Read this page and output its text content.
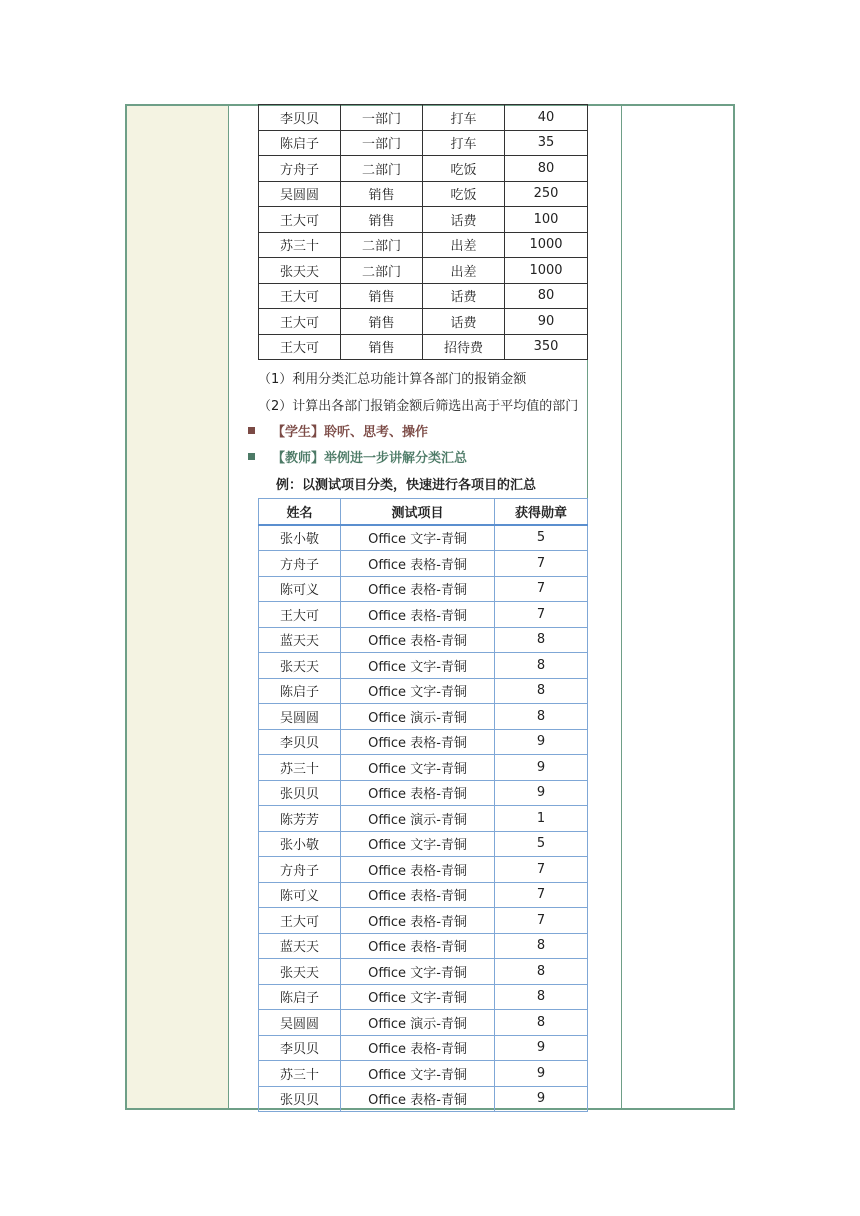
李贝贝	一部门	打车	40
陈启子	一部门	打车	35
方舟子	二部门	吃饭	80
吴圆圆	销售	吃饭	250
王大可	销售	话费	100
苏三十	二部门	出差	1000
张天天	二部门	出差	1000
王大可	销售	话费	80
王大可	销售	话费	90
王大可	销售	招待费	350
（1）利用分类汇总功能计算各部门的报销金额
（2）计算出各部门报销金额后筛选出高于平均值的部门
【学生】聆听、思考、操作
【教师】举例进一步讲解分类汇总
例：以测试项目分类，快速进行各项目的汇总
姓名	测试项目	获得勋章
张小敬	Office 文字-青铜	5
方舟子	Office 表格-青铜	7
陈可义	Office 表格-青铜	7
王大可	Office 表格-青铜	7
蓝天天	Office 表格-青铜	8
张天天	Office 文字-青铜	8
陈启子	Office 文字-青铜	8
吴圆圆	Office 演示-青铜	8
李贝贝	Office 表格-青铜	9
苏三十	Office 文字-青铜	9
张贝贝	Office 表格-青铜	9
陈芳芳	Office 演示-青铜	1
张小敬	Office 文字-青铜	5
方舟子	Office 表格-青铜	7
陈可义	Office 表格-青铜	7
王大可	Office 表格-青铜	7
蓝天天	Office 表格-青铜	8
张天天	Office 文字-青铜	8
陈启子	Office 文字-青铜	8
吴圆圆	Office 演示-青铜	8
李贝贝	Office 表格-青铜	9
苏三十	Office 文字-青铜	9
张贝贝	Office 表格-青铜	9
